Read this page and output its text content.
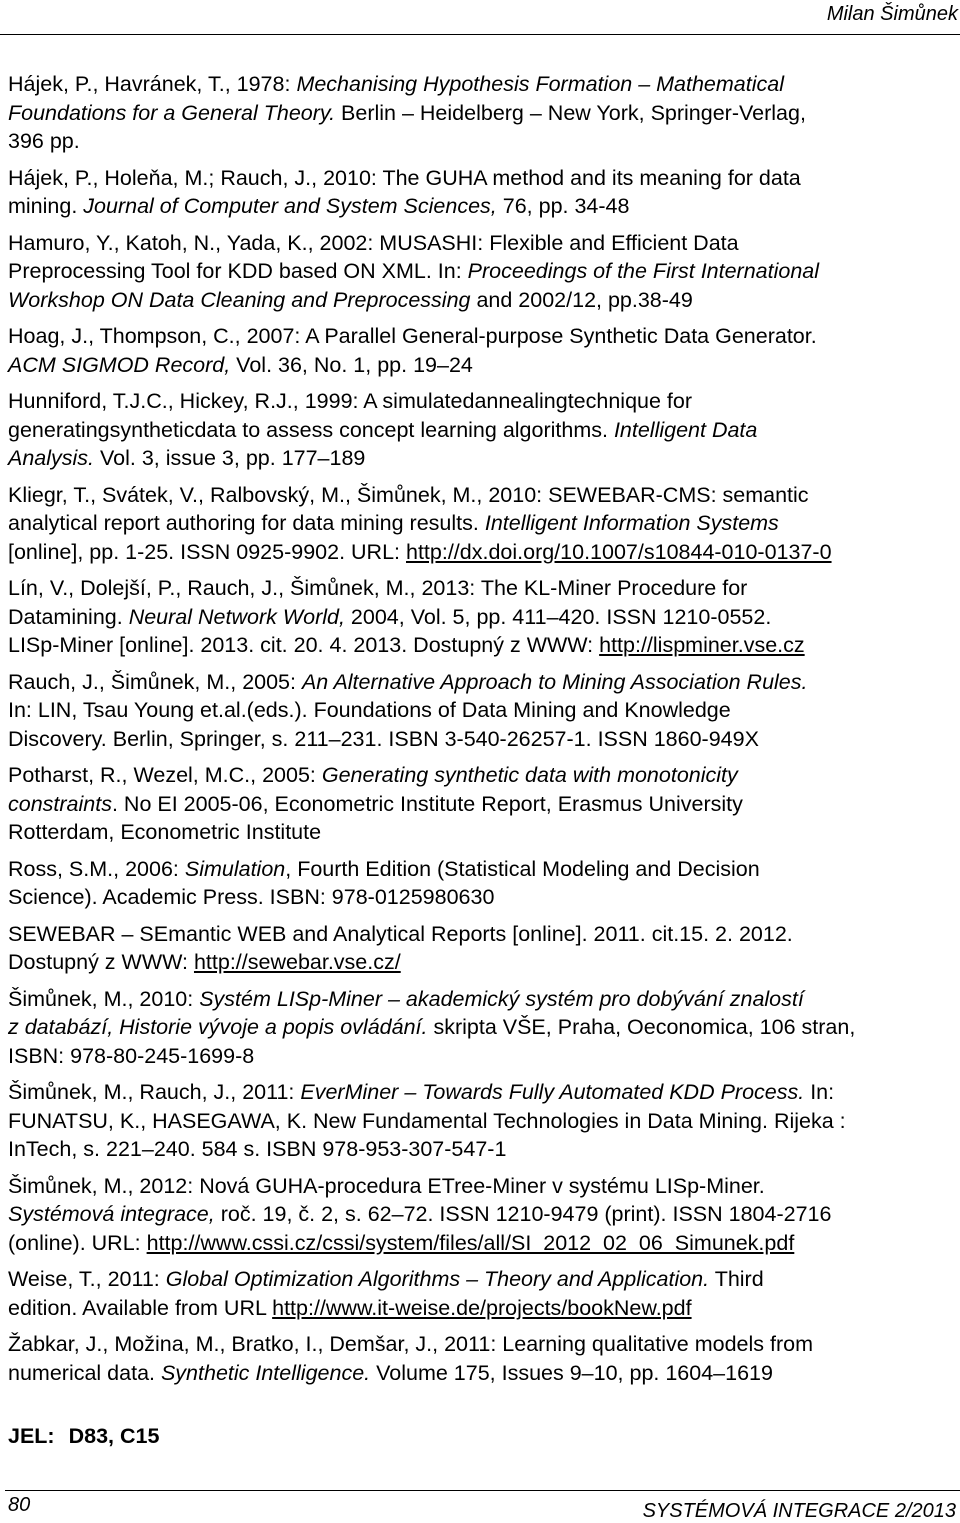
Milan Šimůnek
Hájek, P., Havránek, T., 1978: Mechanising Hypothesis Formation – Mathematical
Foundations for a General Theory. Berlin – Heidelberg – New York, Springer-Verlag,
396 pp.
Hájek, P., Holeňa, M.; Rauch, J., 2010: The GUHA method and its meaning for data
mining. Journal of Computer and System Sciences, 76, pp. 34-48
Hamuro, Y., Katoh, N., Yada, K., 2002: MUSASHI: Flexible and Efficient Data
Preprocessing Tool for KDD based ON XML. In: Proceedings of the First International
Workshop ON Data Cleaning and Preprocessing and 2002/12, pp.38-49
Hoag, J., Thompson, C., 2007: A Parallel General-purpose Synthetic Data Generator.
ACM SIGMOD Record, Vol. 36, No. 1, pp. 19–24
Hunniford, T.J.C., Hickey, R.J., 1999: A simulatedannealingtechnique for
generatingsyntheticdata to assess concept learning algorithms. Intelligent Data
Analysis. Vol. 3, issue 3, pp. 177–189
Kliegr, T., Svátek, V., Ralbovský, M., Šimůnek, M., 2010: SEWEBAR-CMS: semantic
analytical report authoring for data mining results. Intelligent Information Systems
[online], pp. 1-25. ISSN 0925-9902. URL: http://dx.doi.org/10.1007/s10844-010-0137-0
Lín, V., Dolejší, P., Rauch, J., Šimůnek, M., 2013: The KL-Miner Procedure for
Datamining. Neural Network World, 2004, Vol. 5, pp. 411–420. ISSN 1210-0552.
LISp-Miner [online]. 2013. cit. 20. 4. 2013. Dostupný z WWW: http://lispminer.vse.cz
Rauch, J., Šimůnek, M., 2005: An Alternative Approach to Mining Association Rules.
In: LIN, Tsau Young et.al.(eds.). Foundations of Data Mining and Knowledge
Discovery. Berlin, Springer, s. 211–231. ISBN 3-540-26257-1. ISSN 1860-949X
Potharst, R., Wezel, M.C., 2005: Generating synthetic data with monotonicity
constraints. No EI 2005-06, Econometric Institute Report, Erasmus University
Rotterdam, Econometric Institute
Ross, S.M., 2006: Simulation, Fourth Edition (Statistical Modeling and Decision
Science). Academic Press. ISBN: 978-0125980630
SEWEBAR – SEmantic WEB and Analytical Reports [online]. 2011. cit.15. 2. 2012.
Dostupný z WWW: http://sewebar.vse.cz/
Šimůnek, M., 2010: Systém LISp-Miner – akademický systém pro dobývání znalostí
z databází, Historie vývoje a popis ovládání. skripta VŠE, Praha, Oeconomica, 106 stran,
ISBN: 978-80-245-1699-8
Šimůnek, M., Rauch, J., 2011: EverMiner – Towards Fully Automated KDD Process. In:
FUNATSU, K., HASEGAWA, K. New Fundamental Technologies in Data Mining. Rijeka :
InTech, s. 221–240. 584 s. ISBN 978-953-307-547-1
Šimůnek, M., 2012: Nová GUHA-procedura ETree-Miner v systému LISp-Miner.
Systémová integrace, roč. 19, č. 2, s. 62–72. ISSN 1210-9479 (print). ISSN 1804-2716
(online). URL: http://www.cssi.cz/cssi/system/files/all/SI_2012_02_06_Simunek.pdf
Weise, T., 2011: Global Optimization Algorithms – Theory and Application. Third
edition. Available from URL http://www.it-weise.de/projects/bookNew.pdf
Žabkar, J., Možina, M., Bratko, I., Demšar, J., 2011: Learning qualitative models from
numerical data. Synthetic Intelligence. Volume 175, Issues 9–10, pp. 1604–1619
JEL: D83, C15
80	SYSTÉMOVÁ INTEGRACE 2/2013
